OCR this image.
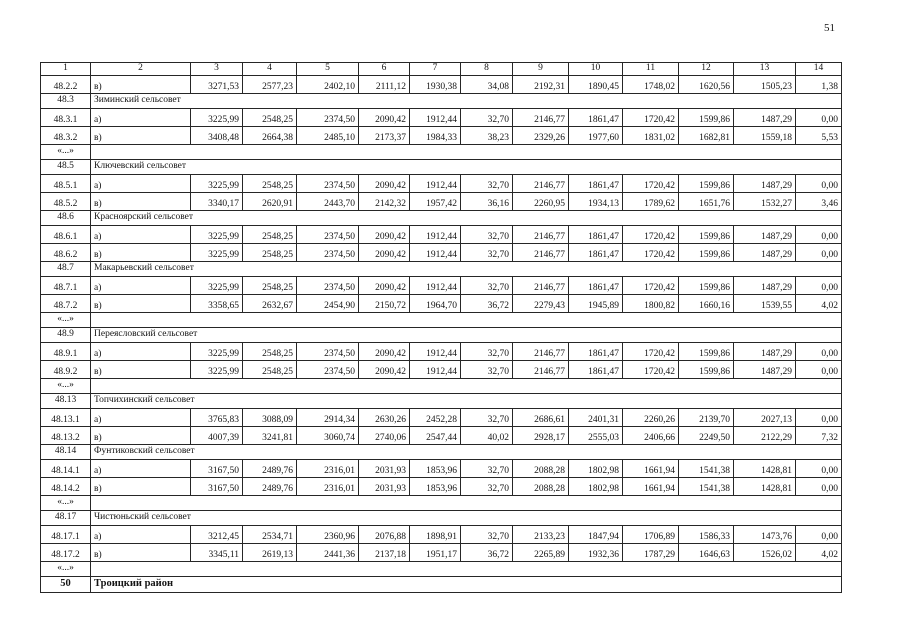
51
1	2	3	4	5	6	7	8	9	10	11	12	13	14
48.2.2	в)	3271,53	2577,23	2402,10	2111,12	1930,38	34,08	2192,31	1890,45	1748,02	1620,56	1505,23	1,38
48.3	Зиминский сельсовет												
48.3.1	а)	3225,99	2548,25	2374,50	2090,42	1912,44	32,70	2146,77	1861,47	1720,42	1599,86	1487,29	0,00
48.3.2	в)	3408,48	2664,38	2485,10	2173,37	1984,33	38,23	2329,26	1977,60	1831,02	1682,81	1559,18	5,53
«...»													
48.5	Ключевский сельсовет												
48.5.1	а)	3225,99	2548,25	2374,50	2090,42	1912,44	32,70	2146,77	1861,47	1720,42	1599,86	1487,29	0,00
48.5.2	в)	3340,17	2620,91	2443,70	2142,32	1957,42	36,16	2260,95	1934,13	1789,62	1651,76	1532,27	3,46
48.6	Красноярский сельсовет												
48.6.1	а)	3225,99	2548,25	2374,50	2090,42	1912,44	32,70	2146,77	1861,47	1720,42	1599,86	1487,29	0,00
48.6.2	в)	3225,99	2548,25	2374,50	2090,42	1912,44	32,70	2146,77	1861,47	1720,42	1599,86	1487,29	0,00
48.7	Макарьевский сельсовет												
48.7.1	а)	3225,99	2548,25	2374,50	2090,42	1912,44	32,70	2146,77	1861,47	1720,42	1599,86	1487,29	0,00
48.7.2	в)	3358,65	2632,67	2454,90	2150,72	1964,70	36,72	2279,43	1945,89	1800,82	1660,16	1539,55	4,02
«...»													
48.9	Переясловский сельсовет												
48.9.1	а)	3225,99	2548,25	2374,50	2090,42	1912,44	32,70	2146,77	1861,47	1720,42	1599,86	1487,29	0,00
48.9.2	в)	3225,99	2548,25	2374,50	2090,42	1912,44	32,70	2146,77	1861,47	1720,42	1599,86	1487,29	0,00
«...»													
48.13	Топчихинский сельсовет												
48.13.1	а)	3765,83	3088,09	2914,34	2630,26	2452,28	32,70	2686,61	2401,31	2260,26	2139,70	2027,13	0,00
48.13.2	в)	4007,39	3241,81	3060,74	2740,06	2547,44	40,02	2928,17	2555,03	2406,66	2249,50	2122,29	7,32
48.14	Фунтиковский сельсовет												
48.14.1	а)	3167,50	2489,76	2316,01	2031,93	1853,96	32,70	2088,28	1802,98	1661,94	1541,38	1428,81	0,00
48.14.2	в)	3167,50	2489,76	2316,01	2031,93	1853,96	32,70	2088,28	1802,98	1661,94	1541,38	1428,81	0,00
«...»													
48.17	Чистюньский сельсовет												
48.17.1	а)	3212,45	2534,71	2360,96	2076,88	1898,91	32,70	2133,23	1847,94	1706,89	1586,33	1473,76	0,00
48.17.2	в)	3345,11	2619,13	2441,36	2137,18	1951,17	36,72	2265,89	1932,36	1787,29	1646,63	1526,02	4,02
«...»													
50	Троицкий район												
